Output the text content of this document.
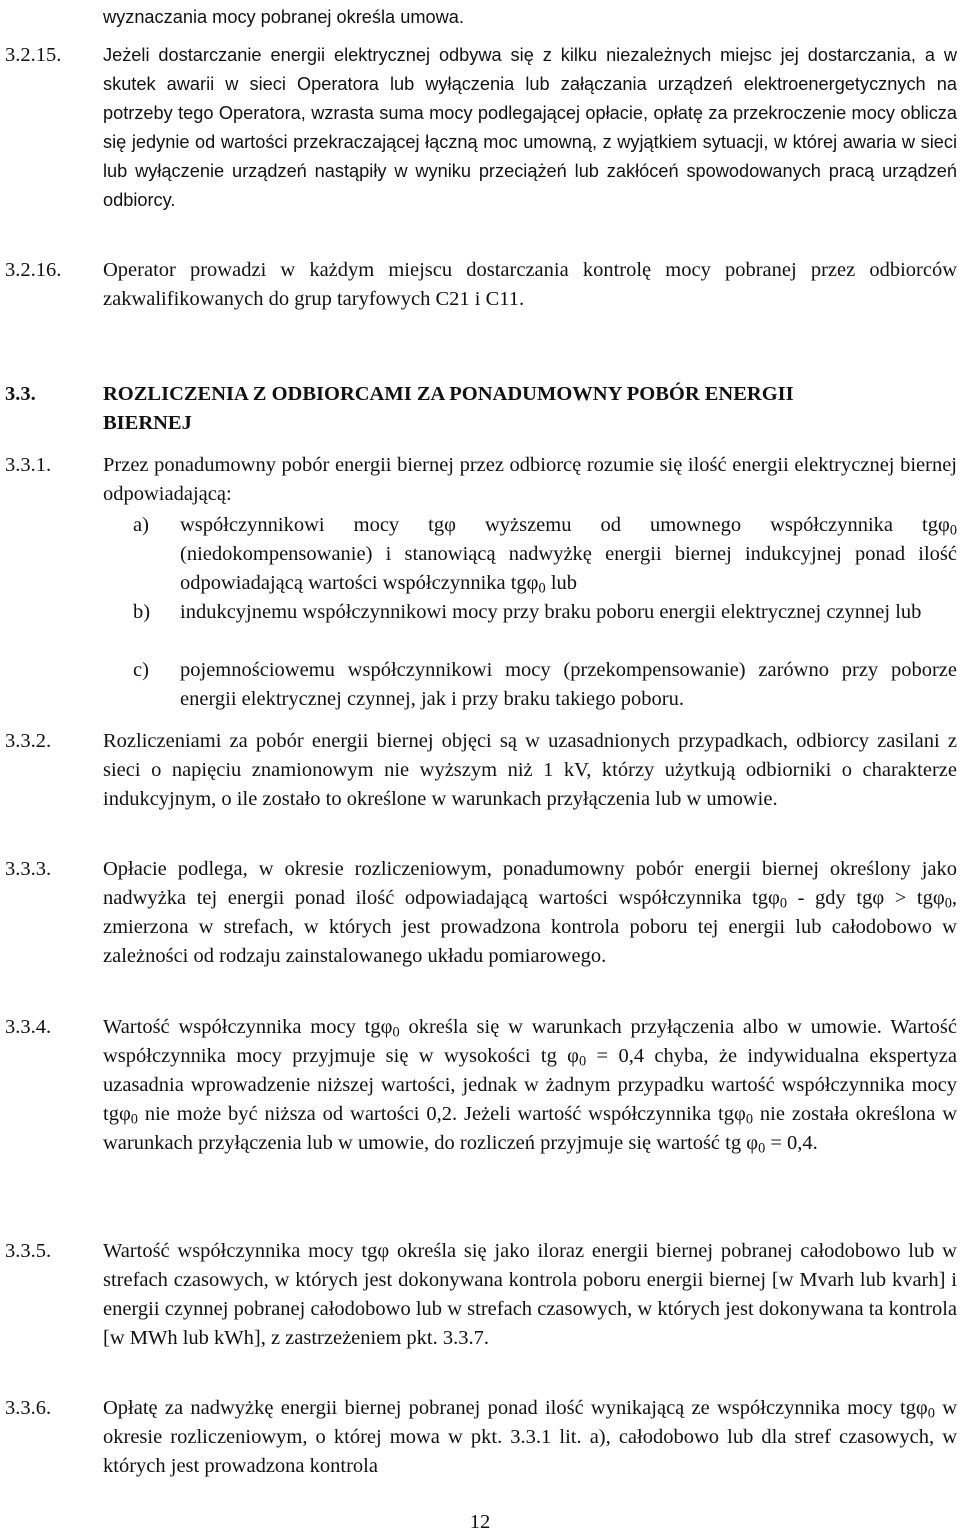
wyznaczania mocy pobranej określa umowa.
3.2.15. Jeżeli dostarczanie energii elektrycznej odbywa się z kilku niezależnych miejsc jej dostarczania, a w skutek awarii w sieci Operatora lub wyłączenia lub załączania urządzeń elektroenergetycznych na potrzeby tego Operatora, wzrasta suma mocy podlegającej opłacie, opłatę za przekroczenie mocy oblicza się jedynie od wartości przekraczającej łączną moc umowną, z wyjątkiem sytuacji, w której awaria w sieci lub wyłączenie urządzeń nastąpiły w wyniku przeciążeń lub zakłóceń spowodowanych pracą urządzeń odbiorcy.
3.2.16. Operator prowadzi w każdym miejscu dostarczania kontrolę mocy pobranej przez odbiorców zakwalifikowanych do grup taryfowych C21 i C11.
3.3.	ROZLICZENIA Z ODBIORCAMI ZA PONADUMOWNY POBÓR ENERGII BIERNEJ
3.3.1.	Przez ponadumowny pobór energii biernej przez odbiorcę rozumie się ilość energii elektrycznej biernej odpowiadającą:
a) współczynnikowi mocy tgφ wyższemu od umownego współczynnika tgφ$_0$ (niedokompensowanie) i stanowiącą nadwyżkę energii biernej indukcyjnej ponad ilość odpowiadającą wartości współczynnika tgφ$_0$ lub
b) indukcyjnemu współczynnikowi mocy przy braku poboru energii elektrycznej czynnej lub
c) pojemnościowemu współczynnikowi mocy (przekompensowanie) zarówno przy poborze energii elektrycznej czynnej, jak i przy braku takiego poboru.
3.3.2.	Rozliczeniami za pobór energii biernej objęci są w uzasadnionych przypadkach, odbiorcy zasilani z sieci o napięciu znamionowym nie wyższym niż 1 kV, którzy użytkują odbiorniki o charakterze indukcyjnym, o ile zostało to określone w warunkach przyłączenia lub w umowie.
3.3.3.	Opłacie podlega, w okresie rozliczeniowym, ponadumowny pobór energii biernej określony jako nadwyżka tej energii ponad ilość odpowiadającą wartości współczynnika tgφ$_0$ - gdy tgφ > tgφ$_0$, zmierzona w strefach, w których jest prowadzona kontrola poboru tej energii lub całodobowo w zależności od rodzaju zainstalowanego układu pomiarowego.
3.3.4.	Wartość współczynnika mocy tgφ$_0$ określa się w warunkach przyłączenia albo w umowie. Wartość współczynnika mocy przyjmuje się w wysokości tg $\varphi_0 = 0,4$ chyba, że indywidualna ekspertyza uzasadnia wprowadzenie niższej wartości, jednak w żadnym przypadku wartość współczynnika mocy tgφ$_0$ nie może być niższa od wartości 0,2. Jeżeli wartość współczynnika tgφ$_0$ nie została określona w warunkach przyłączenia lub w umowie, do rozliczeń przyjmuje się wartość tg $\varphi_0 = 0,4$.
3.3.5.	Wartość współczynnika mocy tgφ określa się jako iloraz energii biernej pobranej całodobowo lub w strefach czasowych, w których jest dokonywana kontrola poboru energii biernej [w Mvarh lub kvarh] i energii czynnej pobranej całodobowo lub w strefach czasowych, w których jest dokonywana ta kontrola [w MWh lub kWh], z zastrzeżeniem pkt. 3.3.7.
3.3.6.	Opłatę za nadwyżkę energii biernej pobranej ponad ilość wynikającą ze współczynnika mocy tgφ$_0$ w okresie rozliczeniowym, o której mowa w pkt. 3.3.1 lit. a), całodobowo lub dla stref czasowych, w których jest prowadzona kontrola
12
